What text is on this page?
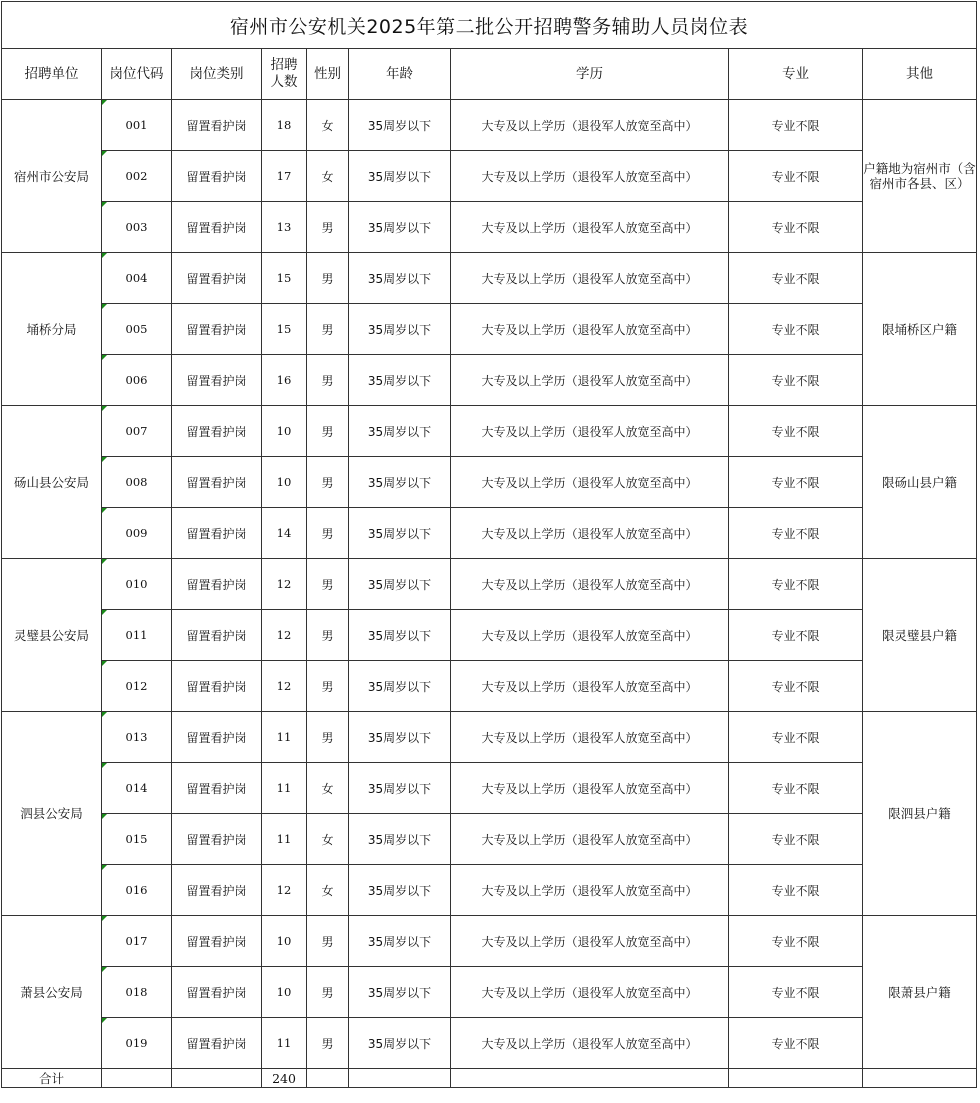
宿州市公安机关2025年第二批公开招聘警务辅助人员岗位表								
招聘单位	岗位代码	岗位类别	招聘人数	性别	年龄	学历	专业	其他
宿州市公安局	001	留置看护岗	18	女	35周岁以下	大专及以上学历（退役军人放宽至高中）	专业不限	户籍地为宿州市（含宿州市各县、区）
	002	留置看护岗	17	女	35周岁以下	大专及以上学历（退役军人放宽至高中）	专业不限	
	003	留置看护岗	13	男	35周岁以下	大专及以上学历（退役军人放宽至高中）	专业不限	
埇桥分局	004	留置看护岗	15	男	35周岁以下	大专及以上学历（退役军人放宽至高中）	专业不限	限埇桥区户籍
	005	留置看护岗	15	男	35周岁以下	大专及以上学历（退役军人放宽至高中）	专业不限	
	006	留置看护岗	16	男	35周岁以下	大专及以上学历（退役军人放宽至高中）	专业不限	
砀山县公安局	007	留置看护岗	10	男	35周岁以下	大专及以上学历（退役军人放宽至高中）	专业不限	限砀山县户籍
	008	留置看护岗	10	男	35周岁以下	大专及以上学历（退役军人放宽至高中）	专业不限	
	009	留置看护岗	14	男	35周岁以下	大专及以上学历（退役军人放宽至高中）	专业不限	
灵璧县公安局	010	留置看护岗	12	男	35周岁以下	大专及以上学历（退役军人放宽至高中）	专业不限	限灵璧县户籍
	011	留置看护岗	12	男	35周岁以下	大专及以上学历（退役军人放宽至高中）	专业不限	
	012	留置看护岗	12	男	35周岁以下	大专及以上学历（退役军人放宽至高中）	专业不限	
泗县公安局	013	留置看护岗	11	男	35周岁以下	大专及以上学历（退役军人放宽至高中）	专业不限	限泗县户籍
	014	留置看护岗	11	女	35周岁以下	大专及以上学历（退役军人放宽至高中）	专业不限	
	015	留置看护岗	11	女	35周岁以下	大专及以上学历（退役军人放宽至高中）	专业不限	
	016	留置看护岗	12	女	35周岁以下	大专及以上学历（退役军人放宽至高中）	专业不限	
萧县公安局	017	留置看护岗	10	男	35周岁以下	大专及以上学历（退役军人放宽至高中）	专业不限	限萧县户籍
	018	留置看护岗	10	男	35周岁以下	大专及以上学历（退役军人放宽至高中）	专业不限	
	019	留置看护岗	11	男	35周岁以下	大专及以上学历（退役军人放宽至高中）	专业不限	
合计			240					
